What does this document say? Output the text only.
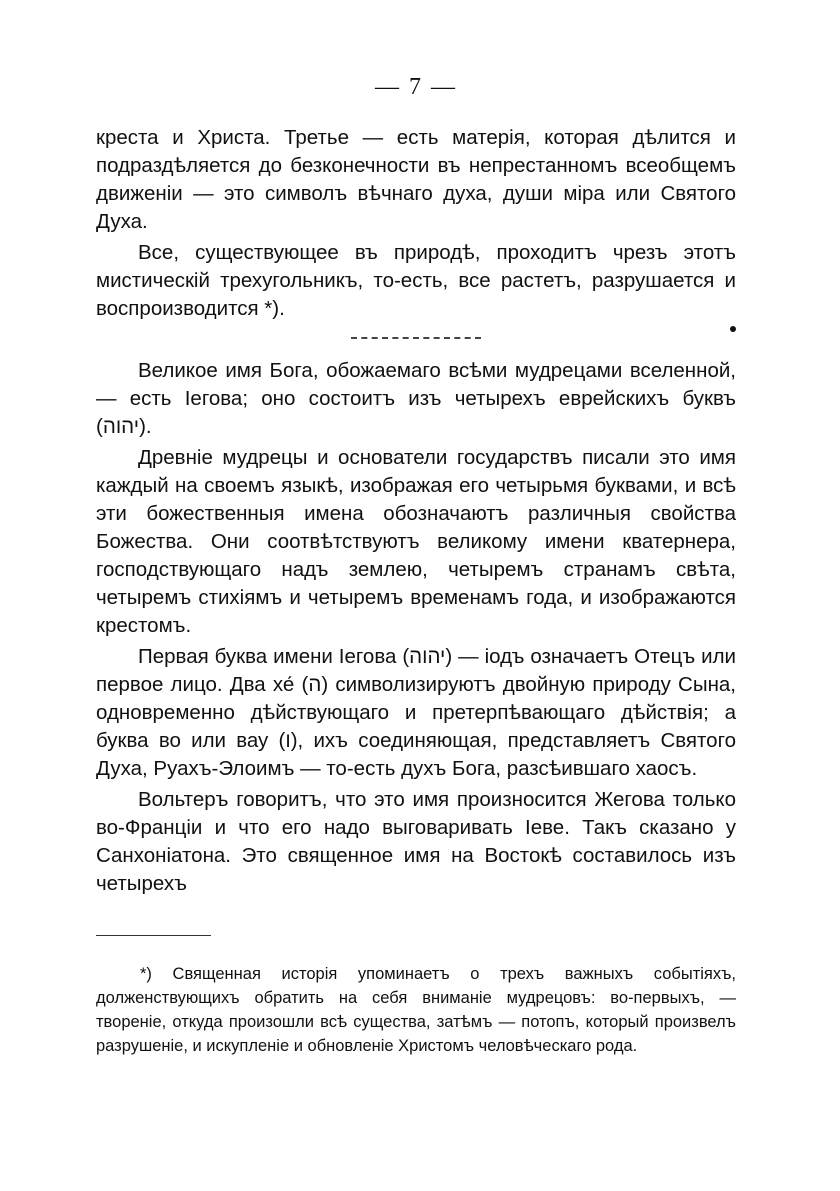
— 7 —

креста и Христа. Третье — есть матерія, которая дѣлится и подраздѣляется до безконечности въ непрестанномъ всеобщемъ движеніи — это символъ вѣчнаго духа, души міра или Святого Духа.

Все, существующее въ природѣ, проходитъ чрезъ этотъ мистическій трехугольникъ, то-есть, все растетъ, разрушается и воспроизводится *).

Великое имя Бога, обожаемаго всѣми мудрецами вселенной, — есть Іегова; оно состоитъ изъ четырехъ еврейскихъ буквъ (יהוה).

Древніе мудрецы и основатели государствъ писали это имя каждый на своемъ языкѣ, изображая его четырьмя буквами, и всѣ эти божественныя имена обозначаютъ различныя свойства Божества. Они соотвѣтствуютъ великому имени кватернера, господствующаго надъ землею, четыремъ странамъ свѣта, четыремъ стихіямъ и четыремъ временамъ года, и изображаются крестомъ.

Первая буква имени Іегова (יהוה) — іодъ означаетъ Отецъ или первое лицо. Два хе́ (ה) символизируютъ двойную природу Сына, одновременно дѣйствующаго и претерпѣвающаго дѣйствія; а буква во или вау (ו), ихъ соединяющая, представляетъ Святого Духа, Руахъ-Элоимъ — то-есть духъ Бога, разсѣившаго хаосъ.

Вольтеръ говоритъ, что это имя произносится Жегова только во-Франціи и что его надо выговаривать Іеве. Такъ сказано у Санхоніатона. Это священное имя на Востокѣ составилось изъ четырехъ

*) Священная исторія упоминаетъ о трехъ важныхъ событіяхъ, долженствующихъ обратить на себя вниманіе мудрецовъ: во-первыхъ, — твореніе, откуда произошли всѣ существа, затѣмъ — потопъ, который произвелъ разрушеніе, и искупленіе и обновленіе Христомъ человѣческаго рода.
